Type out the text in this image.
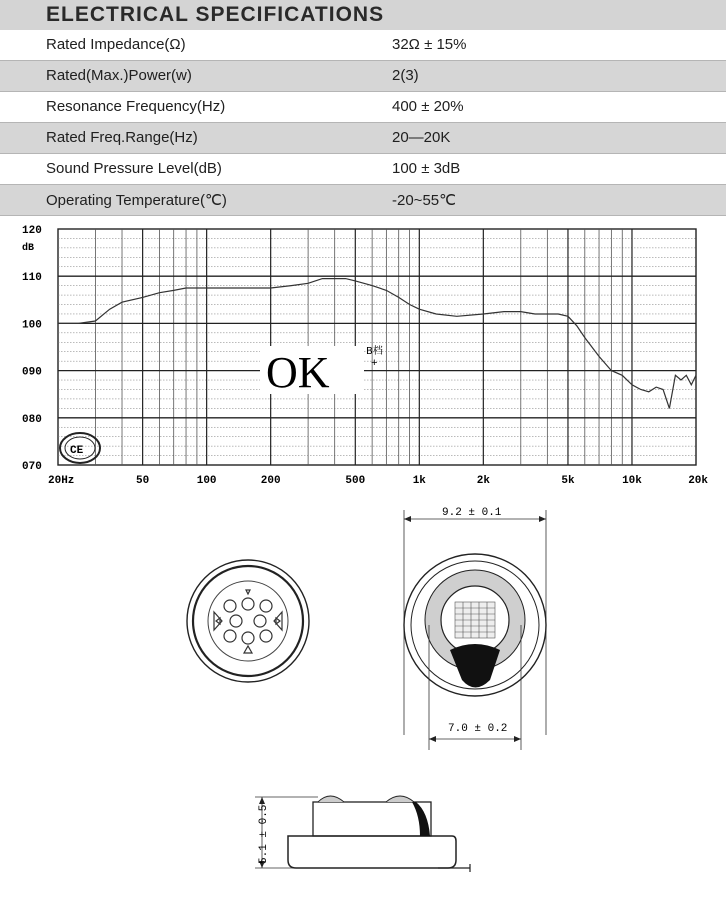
ELECTRICAL SPECIFICATIONS
Rated Impedance(Ω)	32Ω ± 15%
Rated(Max.)Power(w)	2(3)
Resonance Frequency(Hz)	400 ± 20%
Rated Freq.Range(Hz)	20—20K
Sound Pressure Level(dB)	100 ± 3dB
Operating Temperature(℃)	-20~55℃
120
110
100
090
080
070
20Hz	50	100	200	500	1k	2k	5k	10k	20k
dB
OK	B档
+
CE
9.2 ± 0.1
7.0 ± 0.2
5.1 ± 0.5
